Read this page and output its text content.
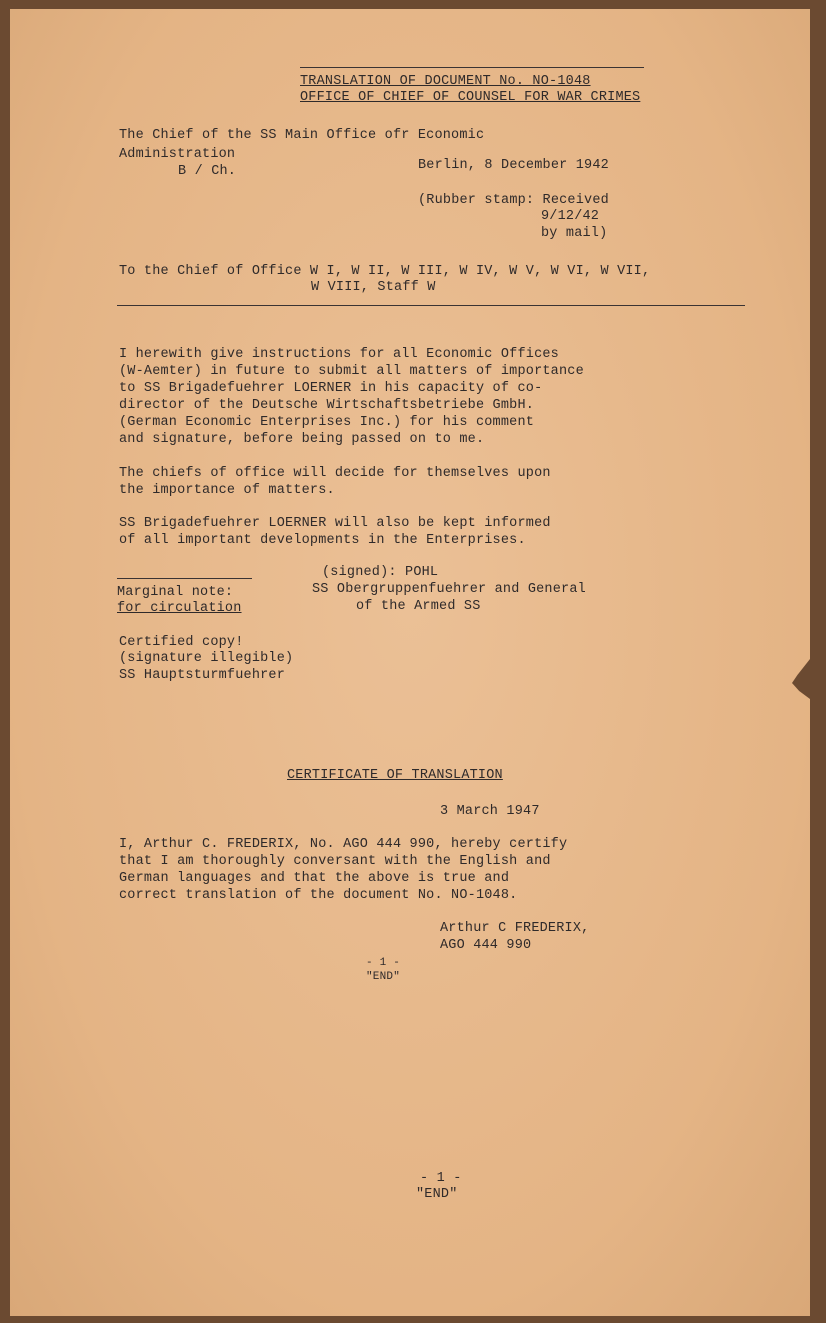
TRANSLATION OF DOCUMENT No. NO-1048
OFFICE OF CHIEF OF COUNSEL FOR WAR CRIMES
The Chief of the SS Main Office ofr Economic
Administration
B / Ch.	Berlin, 8 December 1942
(Rubber stamp: Received
9/12/42
by mail)
To the Chief of Office W I, W II, W III, W IV, W V, W VI, W VII,
W VIII, Staff W
I herewith give instructions for all Economic Offices
(W-Aemter) in future to submit all matters of importance
to SS Brigadefuehrer LOERNER in his capacity of co-
director of the Deutsche Wirtschaftsbetriebe GmbH.
(German Economic Enterprises Inc.) for his comment
and signature, before being passed on to me.
The chiefs of office will decide for themselves upon
the importance of matters.
SS Brigadefuehrer LOERNER will also be kept informed
of all important developments in the Enterprises.
(signed): POHL
SS Obergruppenfuehrer and General
of the Armed SS
Marginal note:
for circulation
Certified copy!
(signature illegible)
SS Hauptsturmfuehrer
CERTIFICATE OF TRANSLATION
3 March 1947
I, Arthur C. FREDERIX, No. AGO 444 990, hereby certify
that I am thoroughly conversant with the English and
German languages and that the above is true and
correct translation of the document No. NO-1048.
Arthur C FREDERIX,
AGO 444 990
- 1 -
"END"
- 1 -
"END"
